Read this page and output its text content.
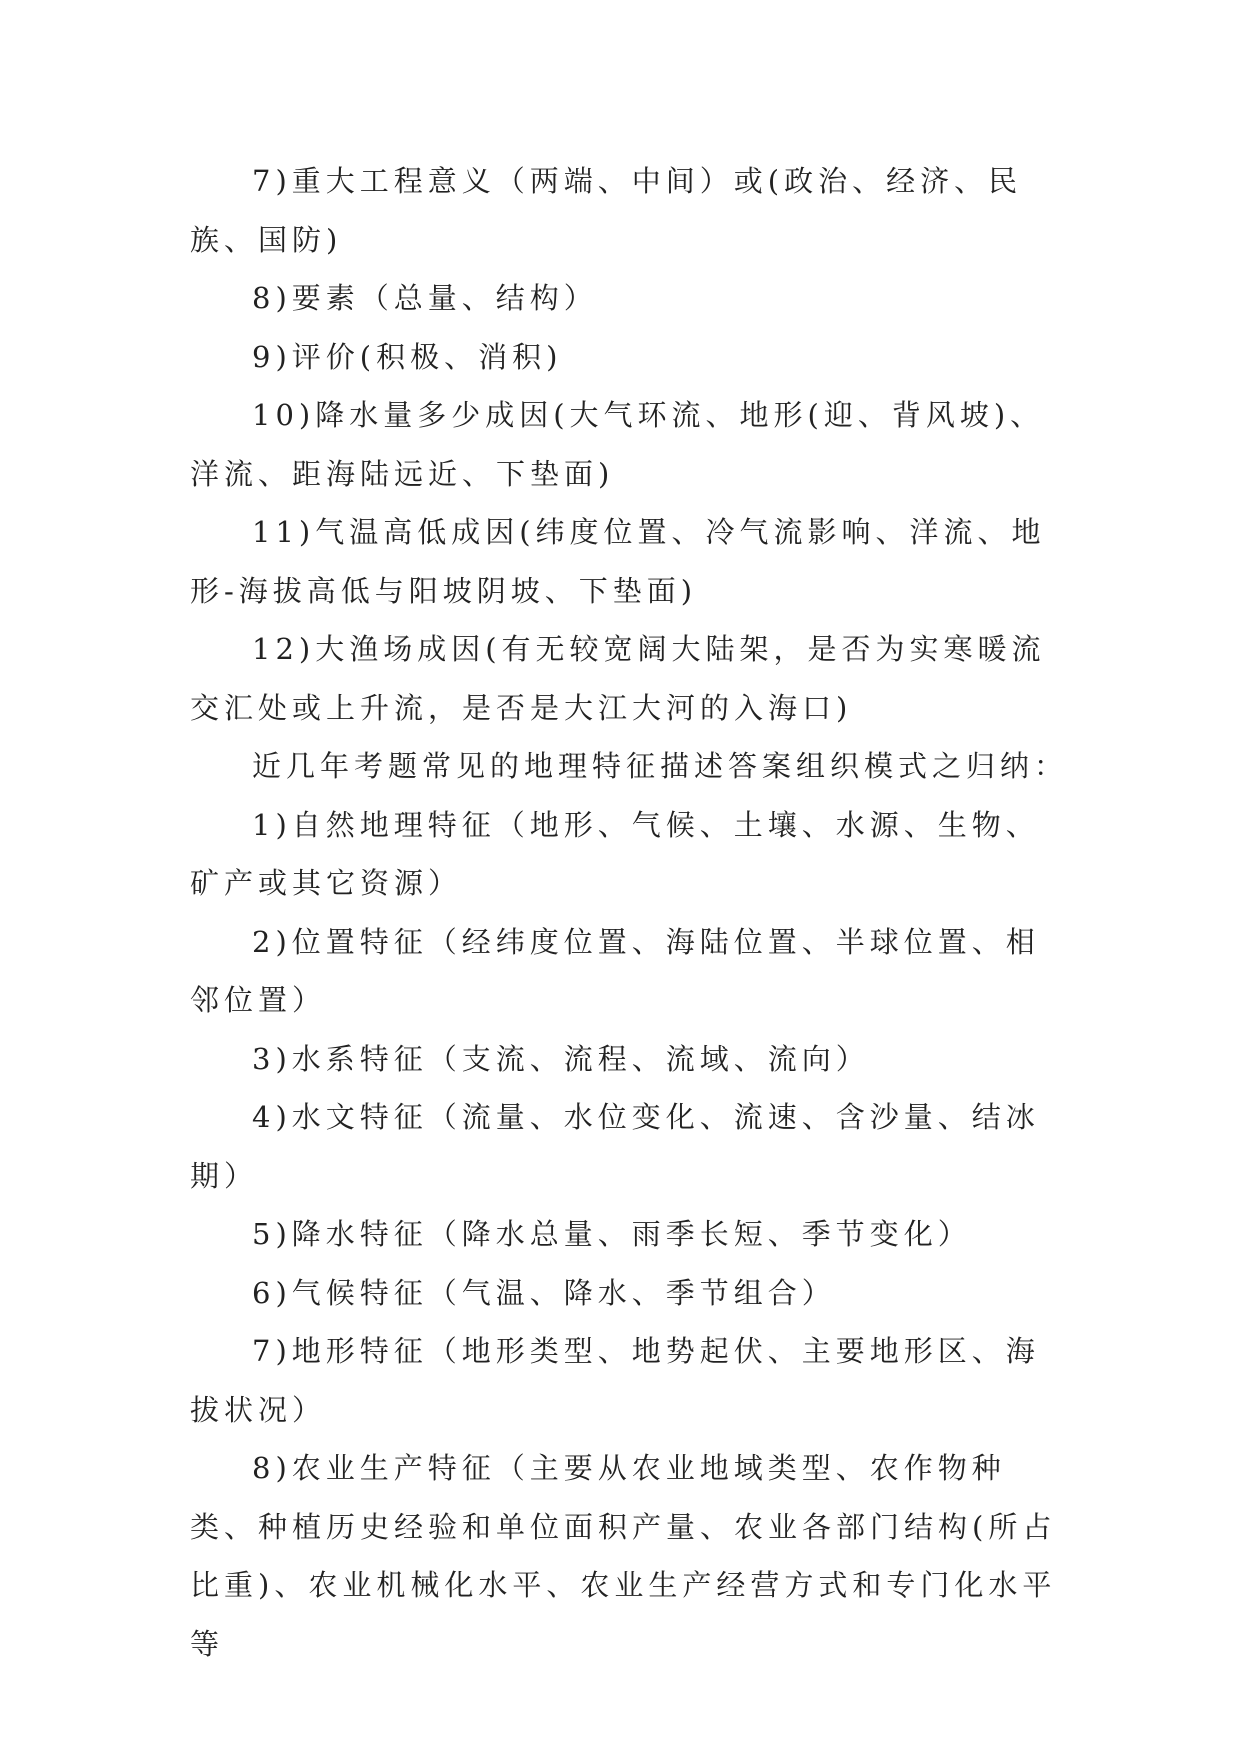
7)重大工程意义（两端、中间）或(政治、经济、民族、国防)

8)要素（总量、结构）

9)评价(积极、消积)

10)降水量多少成因(大气环流、地形(迎、背风坡)、洋流、距海陆远近、下垫面)

11)气温高低成因(纬度位置、冷气流影响、洋流、地形-海拔高低与阳坡阴坡、下垫面)

12)大渔场成因(有无较宽阔大陆架，是否为实寒暖流交汇处或上升流，是否是大江大河的入海口)

近几年考题常见的地理特征描述答案组织模式之归纳：

1)自然地理特征（地形、气候、土壤、水源、生物、矿产或其它资源）

2)位置特征（经纬度位置、海陆位置、半球位置、相邻位置）

3)水系特征（支流、流程、流域、流向）

4)水文特征（流量、水位变化、流速、含沙量、结冰期）

5)降水特征（降水总量、雨季长短、季节变化）

6)气候特征（气温、降水、季节组合）

7)地形特征（地形类型、地势起伏、主要地形区、海拔状况）

8)农业生产特征（主要从农业地域类型、农作物种类、种植历史经验和单位面积产量、农业各部门结构(所占比重)、农业机械化水平、农业生产经营方式和专门化水平等
